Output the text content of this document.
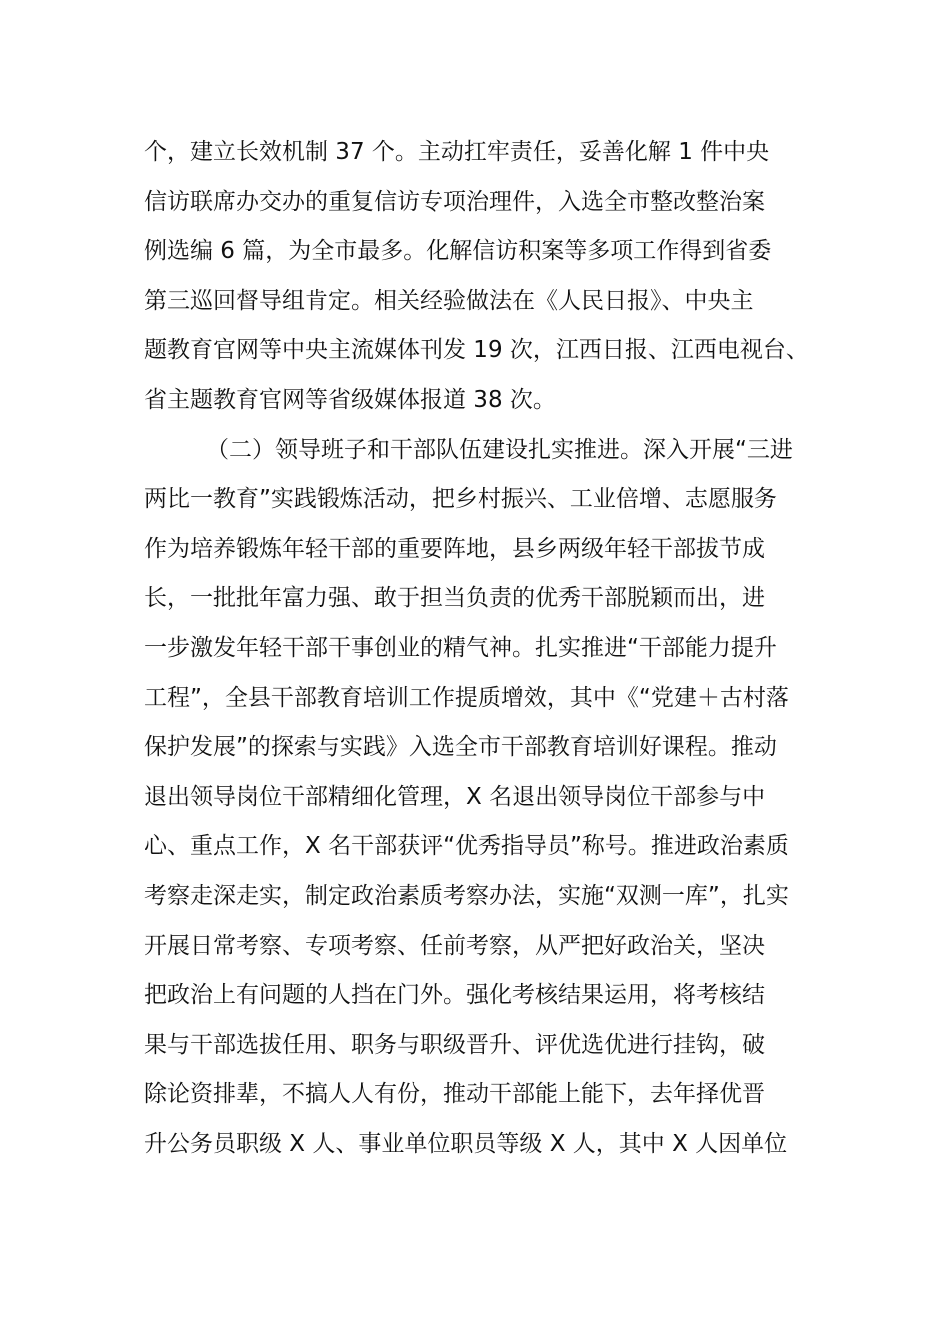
个，建立长效机制 37 个。主动扛牢责任，妥善化解 1 件中央
信访联席办交办的重复信访专项治理件，入选全市整改整治案
例选编 6 篇，为全市最多。化解信访积案等多项工作得到省委
第三巡回督导组肯定。相关经验做法在《人民日报》、中央主
题教育官网等中央主流媒体刊发 19 次，江西日报、江西电视台、
省主题教育官网等省级媒体报道 38 次。
（二）领导班子和干部队伍建设扎实推进。深入开展“三进
两比一教育”实践锻炼活动，把乡村振兴、工业倍增、志愿服务
作为培养锻炼年轻干部的重要阵地，县乡两级年轻干部拔节成
长，一批批年富力强、敢于担当负责的优秀干部脱颖而出，进
一步激发年轻干部干事创业的精气神。扎实推进“干部能力提升
工程”，全县干部教育培训工作提质增效，其中《“党建＋古村落
保护发展”的探索与实践》入选全市干部教育培训好课程。推动
退出领导岗位干部精细化管理，X 名退出领导岗位干部参与中
心、重点工作，X 名干部获评“优秀指导员”称号。推进政治素质
考察走深走实，制定政治素质考察办法，实施“双测一库”，扎实
开展日常考察、专项考察、任前考察，从严把好政治关，坚决
把政治上有问题的人挡在门外。强化考核结果运用，将考核结
果与干部选拔任用、职务与职级晋升、评优选优进行挂钩，破
除论资排辈，不搞人人有份，推动干部能上能下，去年择优晋
升公务员职级 X 人、事业单位职员等级 X 人，其中 X 人因单位
